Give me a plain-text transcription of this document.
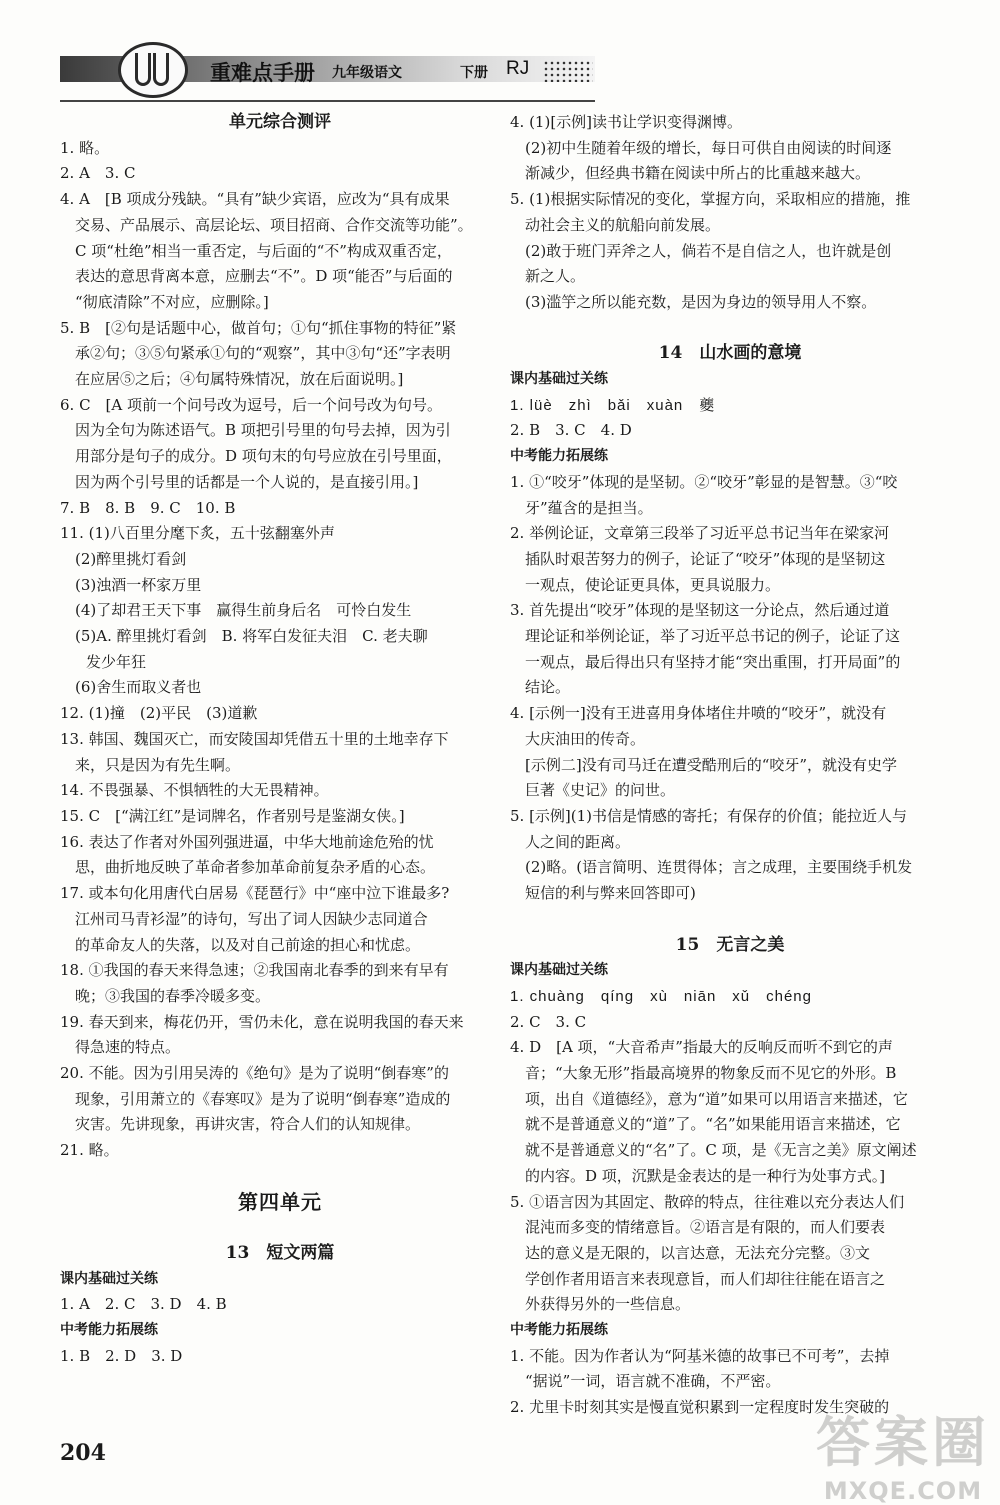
重难点手册 九年级语文	下册 RJ
单元综合测评
1. 略。
2. A　3. C
4. A　[B 项成分残缺。“具有”缺少宾语，应改为“具有成果
交易、产品展示、高层论坛、项目招商、合作交流等功能”。
C 项“杜绝”相当一重否定，与后面的“不”构成双重否定，
表达的意思背离本意，应删去“不”。D 项“能否”与后面的
“彻底清除”不对应，应删除。]
5. B　[②句是话题中心，做首句；①句“抓住事物的特征”紧
承②句；③⑤句紧承①句的“观察”，其中③句“还”字表明
在应居⑤之后；④句属特殊情况，放在后面说明。]
6. C　[A 项前一个问号改为逗号，后一个问号改为句号。
因为全句为陈述语气。B 项把引号里的句号去掉，因为引
用部分是句子的成分。D 项句末的句号应放在引号里面，
因为两个引号里的话都是一个人说的，是直接引用。]
7. B　8. B　9. C　10. B
11. (1)八百里分麾下炙，五十弦翻塞外声
(2)醉里挑灯看剑
(3)浊酒一杯家万里
(4)了却君王天下事　赢得生前身后名　可怜白发生
(5)A. 醉里挑灯看剑　B. 将军白发征夫泪　C. 老夫聊
发少年狂
(6)舍生而取义者也
12. (1)撞　(2)平民　(3)道歉
13. 韩国、魏国灭亡，而安陵国却凭借五十里的土地幸存下
来，只是因为有先生啊。
14. 不畏强暴、不惧牺牲的大无畏精神。
15. C　[“满江红”是词牌名，作者别号是鉴湖女侠。]
16. 表达了作者对外国列强进逼，中华大地前途危殆的忧
思，曲折地反映了革命者参加革命前复杂矛盾的心态。
17. 或本句化用唐代白居易《琵琶行》中“座中泣下谁最多?
江州司马青衫湿”的诗句，写出了词人因缺少志同道合
的革命友人的失落，以及对自己前途的担心和忧虑。
18. ①我国的春天来得急速；②我国南北春季的到来有早有
晚；③我国的春季冷暖多变。
19. 春天到来，梅花仍开，雪仍未化，意在说明我国的春天来
得急速的特点。
20. 不能。因为引用吴涛的《绝句》是为了说明“倒春寒”的
现象，引用萧立的《春寒叹》是为了说明“倒春寒”造成的
灾害。先讲现象，再讲灾害，符合人们的认知规律。
21. 略。

第四单元

13　短文两篇
课内基础过关练
1. A　2. C　3. D　4. B
中考能力拓展练
1. B　2. D　3. D
4. (1)[示例]读书让学识变得渊博。
(2)初中生随着年级的增长，每日可供自由阅读的时间逐
渐减少，但经典书籍在阅读中所占的比重越来越大。
5. (1)根据实际情况的变化，掌握方向，采取相应的措施，推
动社会主义的航船向前发展。
(2)敢于班门弄斧之人，倘若不是自信之人，也许就是创
新之人。
(3)滥竽之所以能充数，是因为身边的领导用人不察。

14　山水画的意境
课内基础过关练
1. lüè　zhì　bǎi　xuàn　夔
2. B　3. C　4. D
中考能力拓展练
1. ①“咬牙”体现的是坚韧。②“咬牙”彰显的是智慧。③“咬
牙”蕴含的是担当。
2. 举例论证，文章第三段举了习近平总书记当年在梁家河
插队时艰苦努力的例子，论证了“咬牙”体现的是坚韧这
一观点，使论证更具体，更具说服力。
3. 首先提出“咬牙”体现的是坚韧这一分论点，然后通过道
理论证和举例论证，举了习近平总书记的例子，论证了这
一观点，最后得出只有坚持才能“突出重围，打开局面”的
结论。
4. [示例一]没有王进喜用身体堵住井喷的“咬牙”，就没有
大庆油田的传奇。
[示例二]没有司马迁在遭受酷刑后的“咬牙”，就没有史学
巨著《史记》的问世。
5. [示例](1)书信是情感的寄托；有保存的价值；能拉近人与
人之间的距离。
(2)略。(语言简明、连贯得体；言之成理，主要围绕手机发
短信的利与弊来回答即可)

15　无言之美
课内基础过关练
1. chuàng　qíng　xù　niān　xǔ　chéng
2. C　3. C
4. D　[A 项，“大音希声”指最大的反响反而听不到它的声
音；“大象无形”指最高境界的物象反而不见它的外形。B
项，出自《道德经》，意为“道”如果可以用语言来描述，它
就不是普通意义的“道”了。“名”如果能用语言来描述，它
就不是普通意义的“名”了。C 项，是《无言之美》原文阐述
的内容。D 项，沉默是金表达的是一种行为处事方式。]
5. ①语言因为其固定、散碎的特点，往往难以充分表达人们
混沌而多变的情绪意旨。②语言是有限的，而人们要表
达的意义是无限的，以言达意，无法充分完整。③文
学创作者用语言来表现意旨，而人们却往往能在语言之
外获得另外的一些信息。
中考能力拓展练
1. 不能。因为作者认为“阿基米德的故事已不可考”，去掉
“据说”一词，语言就不准确，不严密。
2. 尤里卡时刻其实是慢直觉积累到一定程度时发生突破的
204	答案圈
MXQE.COM
